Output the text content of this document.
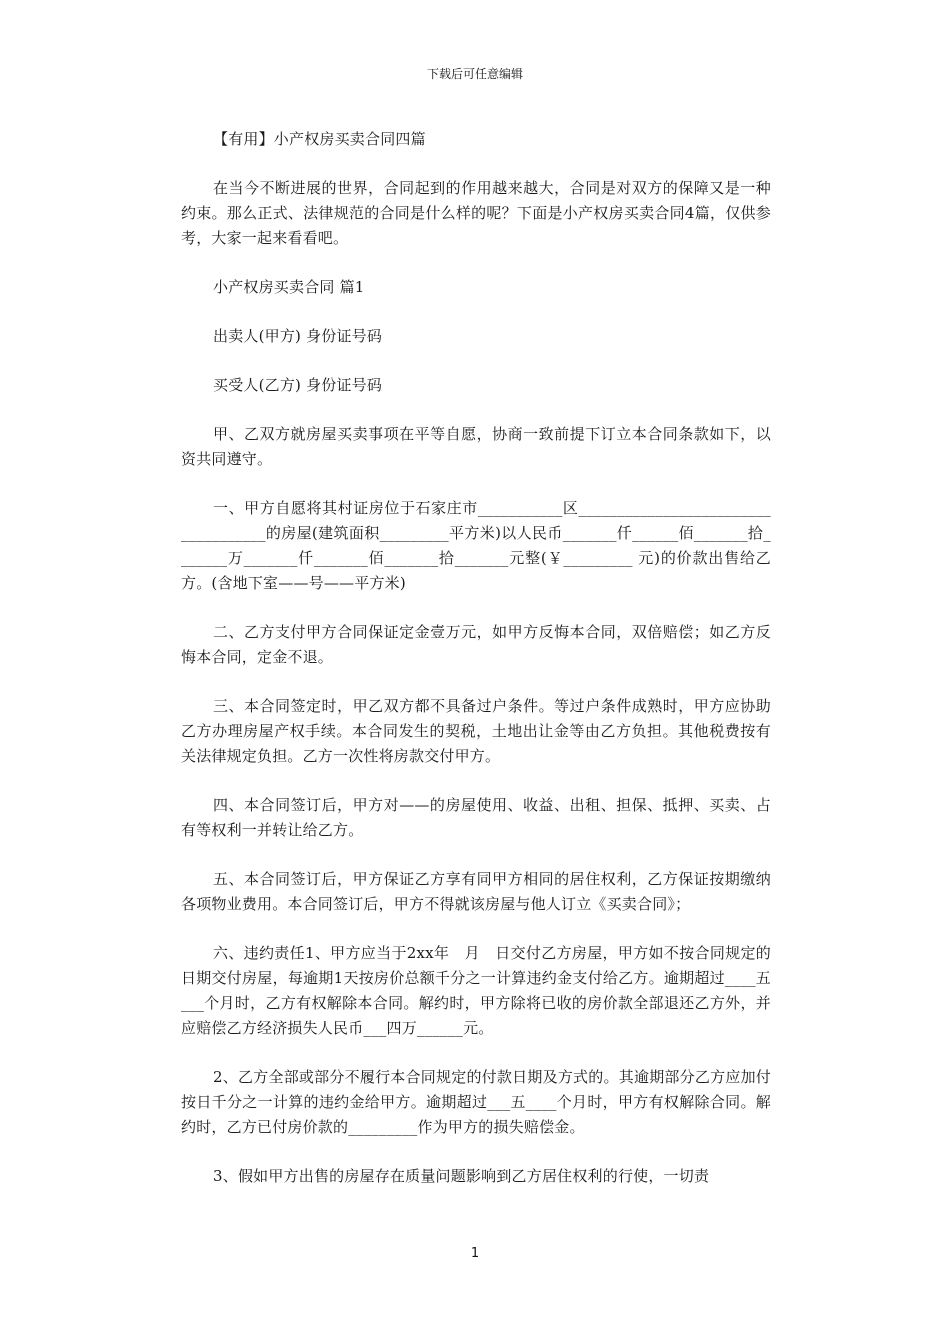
下载后可任意编辑

【有用】小产权房买卖合同四篇

在当今不断进展的世界，合同起到的作用越来越大，合同是对双方的保障又是一种约束。那么正式、法律规范的合同是什么样的呢？下面是小产权房买卖合同4篇，仅供参考，大家一起来看看吧。

小产权房买卖合同 篇1

出卖人(甲方) 身份证号码

买受人(乙方) 身份证号码

甲、乙双方就房屋买卖事项在平等自愿，协商一致前提下订立本合同条款如下，以资共同遵守。

一、甲方自愿将其村证房位于石家庄市___________区____________________________________的房屋(建筑面积_________平方米)以人民币_______仟______佰_______拾_______万_______仟_______佰_______拾_______元整(￥_________ 元)的价款出售给乙方。(含地下室——号——平方米)

二、乙方支付甲方合同保证定金壹万元，如甲方反悔本合同，双倍赔偿；如乙方反悔本合同，定金不退。

三、本合同签定时，甲乙双方都不具备过户条件。等过户条件成熟时，甲方应协助乙方办理房屋产权手续。本合同发生的契税，土地出让金等由乙方负担。其他税费按有关法律规定负担。乙方一次性将房款交付甲方。

四、本合同签订后，甲方对——的房屋使用、收益、出租、担保、抵押、买卖、占有等权利一并转让给乙方。

五、本合同签订后，甲方保证乙方享有同甲方相同的居住权利，乙方保证按期缴纳各项物业费用。本合同签订后，甲方不得就该房屋与他人订立《买卖合同》；

六、违约责任1、甲方应当于2xx年　月　日交付乙方房屋，甲方如不按合同规定的日期交付房屋，每逾期1天按房价总额千分之一计算违约金支付给乙方。逾期超过____五___个月时，乙方有权解除本合同。解约时，甲方除将已收的房价款全部退还乙方外，并应赔偿乙方经济损失人民币___四万______元。

2、乙方全部或部分不履行本合同规定的付款日期及方式的。其逾期部分乙方应加付按日千分之一计算的违约金给甲方。逾期超过___五____个月时，甲方有权解除合同。解约时，乙方已付房价款的_________作为甲方的损失赔偿金。

3、假如甲方出售的房屋存在质量问题影响到乙方居住权利的行使，一切责

1
